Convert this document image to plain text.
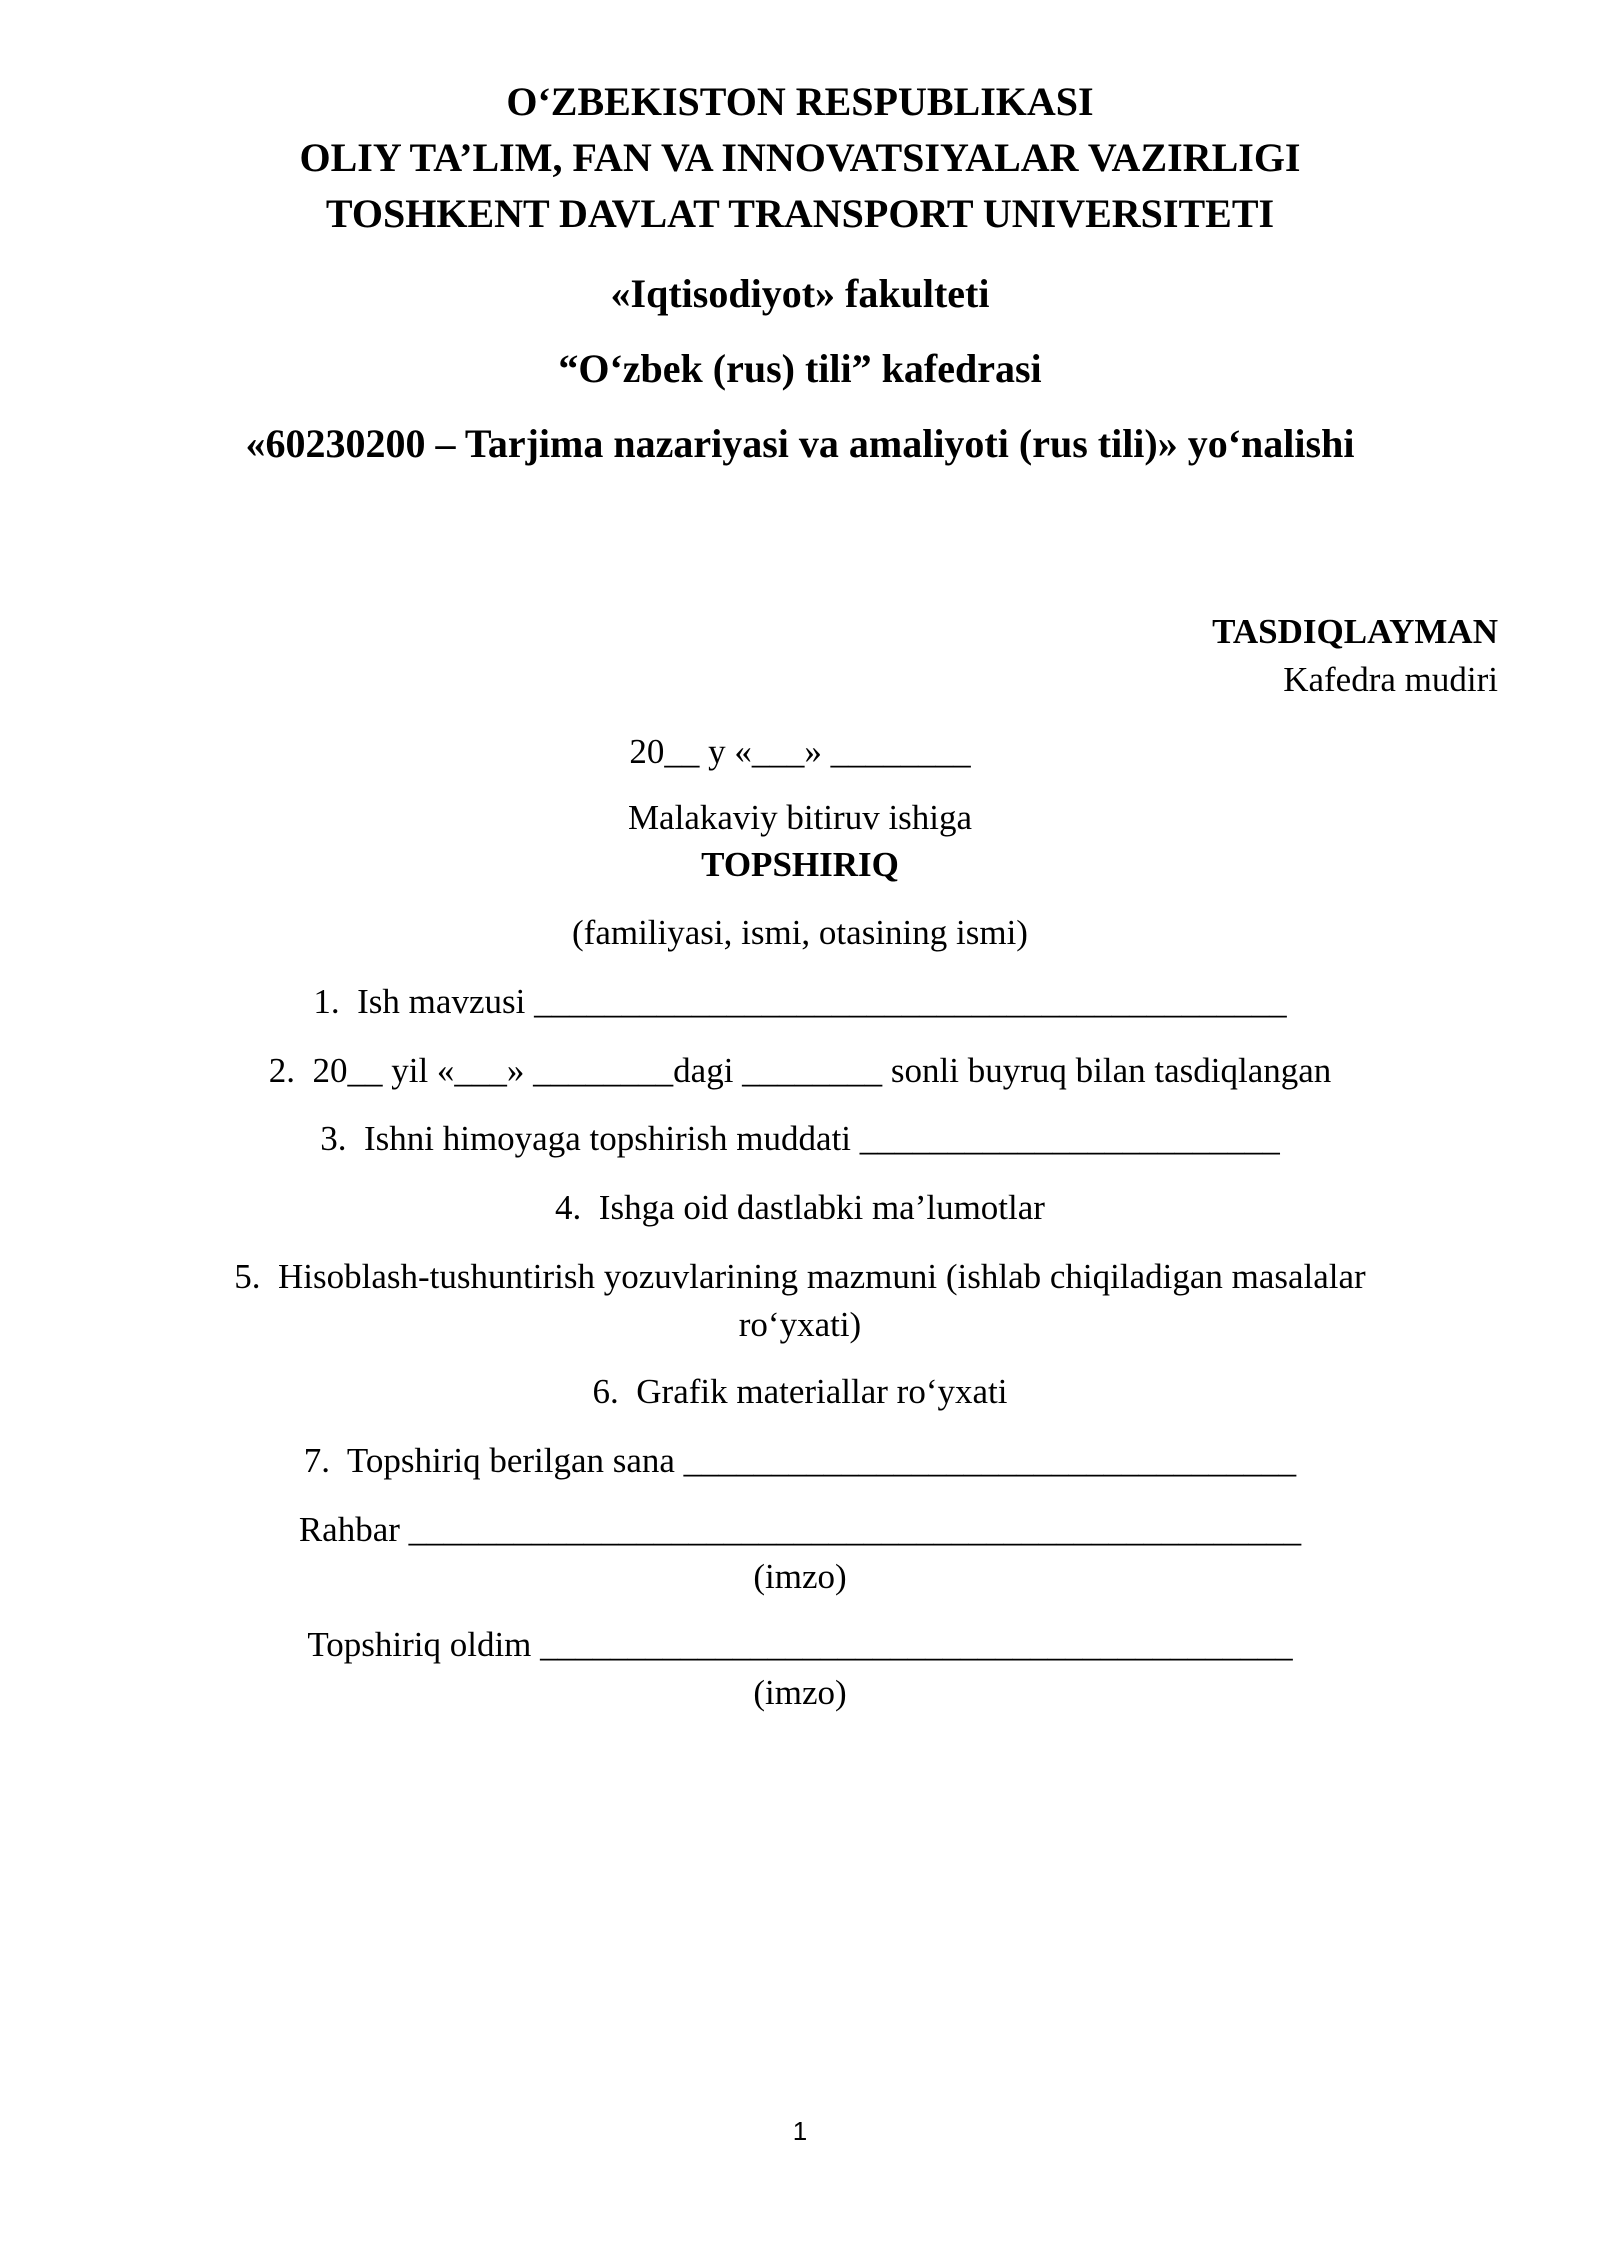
O‘ZBEKISTON RESPUBLIKASI
OLIY TA’LIM, FAN VA INNOVATSIYALAR VAZIRLIGI
TOSHKENT DAVLAT TRANSPORT UNIVERSITETI
«Iqtisodiyot» fakulteti
“O‘zbek (rus) tili” kafedrasi
«60230200 – Tarjima nazariyasi va amaliyoti (rus tili)» yo‘nalishi
TASDIQLAYMAN
Kafedra mudiri
20__ y «___» ________
Malakaviy bitiruv ishiga
TOPSHIRIQ
(familiyasi, ismi, otasining ismi)
1.  Ish mavzusi ___________________________________________
2.  20__ yil «___» ________dagi ________ sonli buyruq bilan tasdiqlangan
3.  Ishni himoyaga topshirish muddati ________________________
4.  Ishga oid dastlabki ma’lumotlar
5.  Hisoblash-tushuntirish yozuvlarining mazmuni (ishlab chiqiladigan masalalar
ro‘yxati)
6.  Grafik materiallar ro‘yxati
7.  Topshiriq berilgan sana ___________________________________
Rahbar ___________________________________________________
(imzo)
Topshiriq oldim ___________________________________________
(imzo)
1
